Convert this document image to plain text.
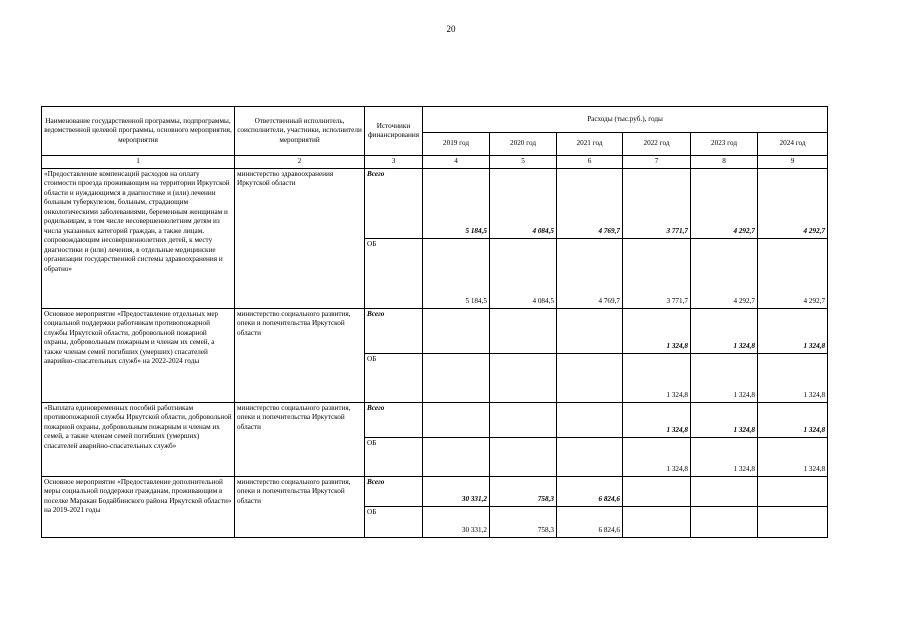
20
Наименование государственной программы, подпрограммы, ведомственной целевой программы, основного мероприятия, мероприятия	Ответственный исполнитель, соисполнители, участники, исполнители мероприятий	Источники финансирования	Расходы (тыс.руб.), годы					
			2019 год	2020 год	2021 год	2022 год	2023 год	2024 год
1	2	3	4	5	6	7	8	9
«Предоставление компенсаций расходов на оплату стоимости проезда проживающим на территории Иркутской области и нуждающимся в диагностике и (или) лечении больным туберкулезом, больным, страдающим онкологическими заболеваниями, беременным женщинам и родильницам, в том числе несовершеннолетним детям из числа указанных категорий граждан, а также лицам, сопровождающим несовершеннолетних детей, к месту диагностики и (или) лечения, в отдельные медицинские организации государственной системы здравоохранения и обратно»	министерство здравоохранения Иркутской области	Всего	5 184,5	4 084,5	4 769,7	3 771,7	4 292,7	4 292,7
		ОБ	5 184,5	4 084,5	4 769,7	3 771,7	4 292,7	4 292,7
Основное мероприятие «Предоставление отдельных мер социальной поддержки работникам противопожарной службы Иркутской области, добровольной пожарной охраны, добровольным пожарным и членам их семей, а также членам семей погибших (умерших) спасателей аварийно-спасательных служб» на 2022-2024 годы	министерство социального развития, опеки и попечительства Иркутской области	Всего				1 324,8	1 324,8	1 324,8
		ОБ				1 324,8	1 324,8	1 324,8
«Выплата единовременных пособий работникам противопожарной службы Иркутской области, добровольной пожарной охраны, добровольным пожарным и членам их семей, а также членам семей погибших (умерших) спасателей аварийно-спасательных служб»	министерство социального развития, опеки и попечительства Иркутской области	Всего				1 324,8	1 324,8	1 324,8
		ОБ				1 324,8	1 324,8	1 324,8
Основное мероприятие «Предоставление дополнительной меры социальной поддержки гражданам, проживающим в поселке Маракан Бодайбинского района Иркутской области» на 2019-2021 годы	министерство социального развития, опеки и попечительства Иркутской области	Всего	30 331,2	758,3	6 824,6			
		ОБ	30 331,2	758,3	6 824,6			
